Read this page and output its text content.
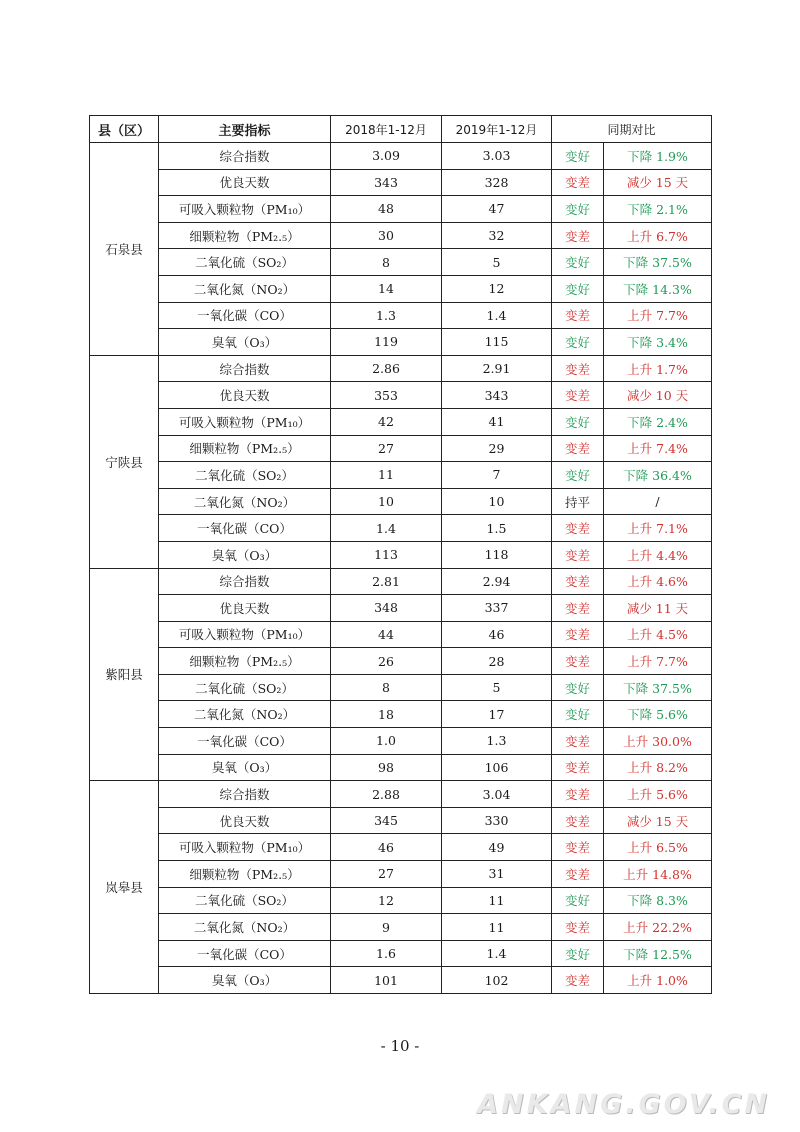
县（区）	主要指标	2018年1-12月	2019年1-12月	同期对比	
石泉县	综合指数	3.09	3.03	变好	下降 1.9%
	优良天数	343	328	变差	减少 15 天
	可吸入颗粒物（PM₁₀）	48	47	变好	下降 2.1%
	细颗粒物（PM₂.₅）	30	32	变差	上升 6.7%
	二氧化硫（SO₂）	8	5	变好	下降 37.5%
	二氧化氮（NO₂）	14	12	变好	下降 14.3%
	一氧化碳（CO）	1.3	1.4	变差	上升 7.7%
	臭氧（O₃）	119	115	变好	下降 3.4%
宁陕县	综合指数	2.86	2.91	变差	上升 1.7%
	优良天数	353	343	变差	减少 10 天
	可吸入颗粒物（PM₁₀）	42	41	变好	下降 2.4%
	细颗粒物（PM₂.₅）	27	29	变差	上升 7.4%
	二氧化硫（SO₂）	11	7	变好	下降 36.4%
	二氧化氮（NO₂）	10	10	持平	/
	一氧化碳（CO）	1.4	1.5	变差	上升 7.1%
	臭氧（O₃）	113	118	变差	上升 4.4%
紫阳县	综合指数	2.81	2.94	变差	上升 4.6%
	优良天数	348	337	变差	减少 11 天
	可吸入颗粒物（PM₁₀）	44	46	变差	上升 4.5%
	细颗粒物（PM₂.₅）	26	28	变差	上升 7.7%
	二氧化硫（SO₂）	8	5	变好	下降 37.5%
	二氧化氮（NO₂）	18	17	变好	下降 5.6%
	一氧化碳（CO）	1.0	1.3	变差	上升 30.0%
	臭氧（O₃）	98	106	变差	上升 8.2%
岚皋县	综合指数	2.88	3.04	变差	上升 5.6%
	优良天数	345	330	变差	减少 15 天
	可吸入颗粒物（PM₁₀）	46	49	变差	上升 6.5%
	细颗粒物（PM₂.₅）	27	31	变差	上升 14.8%
	二氧化硫（SO₂）	12	11	变好	下降 8.3%
	二氧化氮（NO₂）	9	11	变差	上升 22.2%
	一氧化碳（CO）	1.6	1.4	变好	下降 12.5%
	臭氧（O₃）	101	102	变差	上升 1.0%
- 10 -
ANKANG.GOV.CN
